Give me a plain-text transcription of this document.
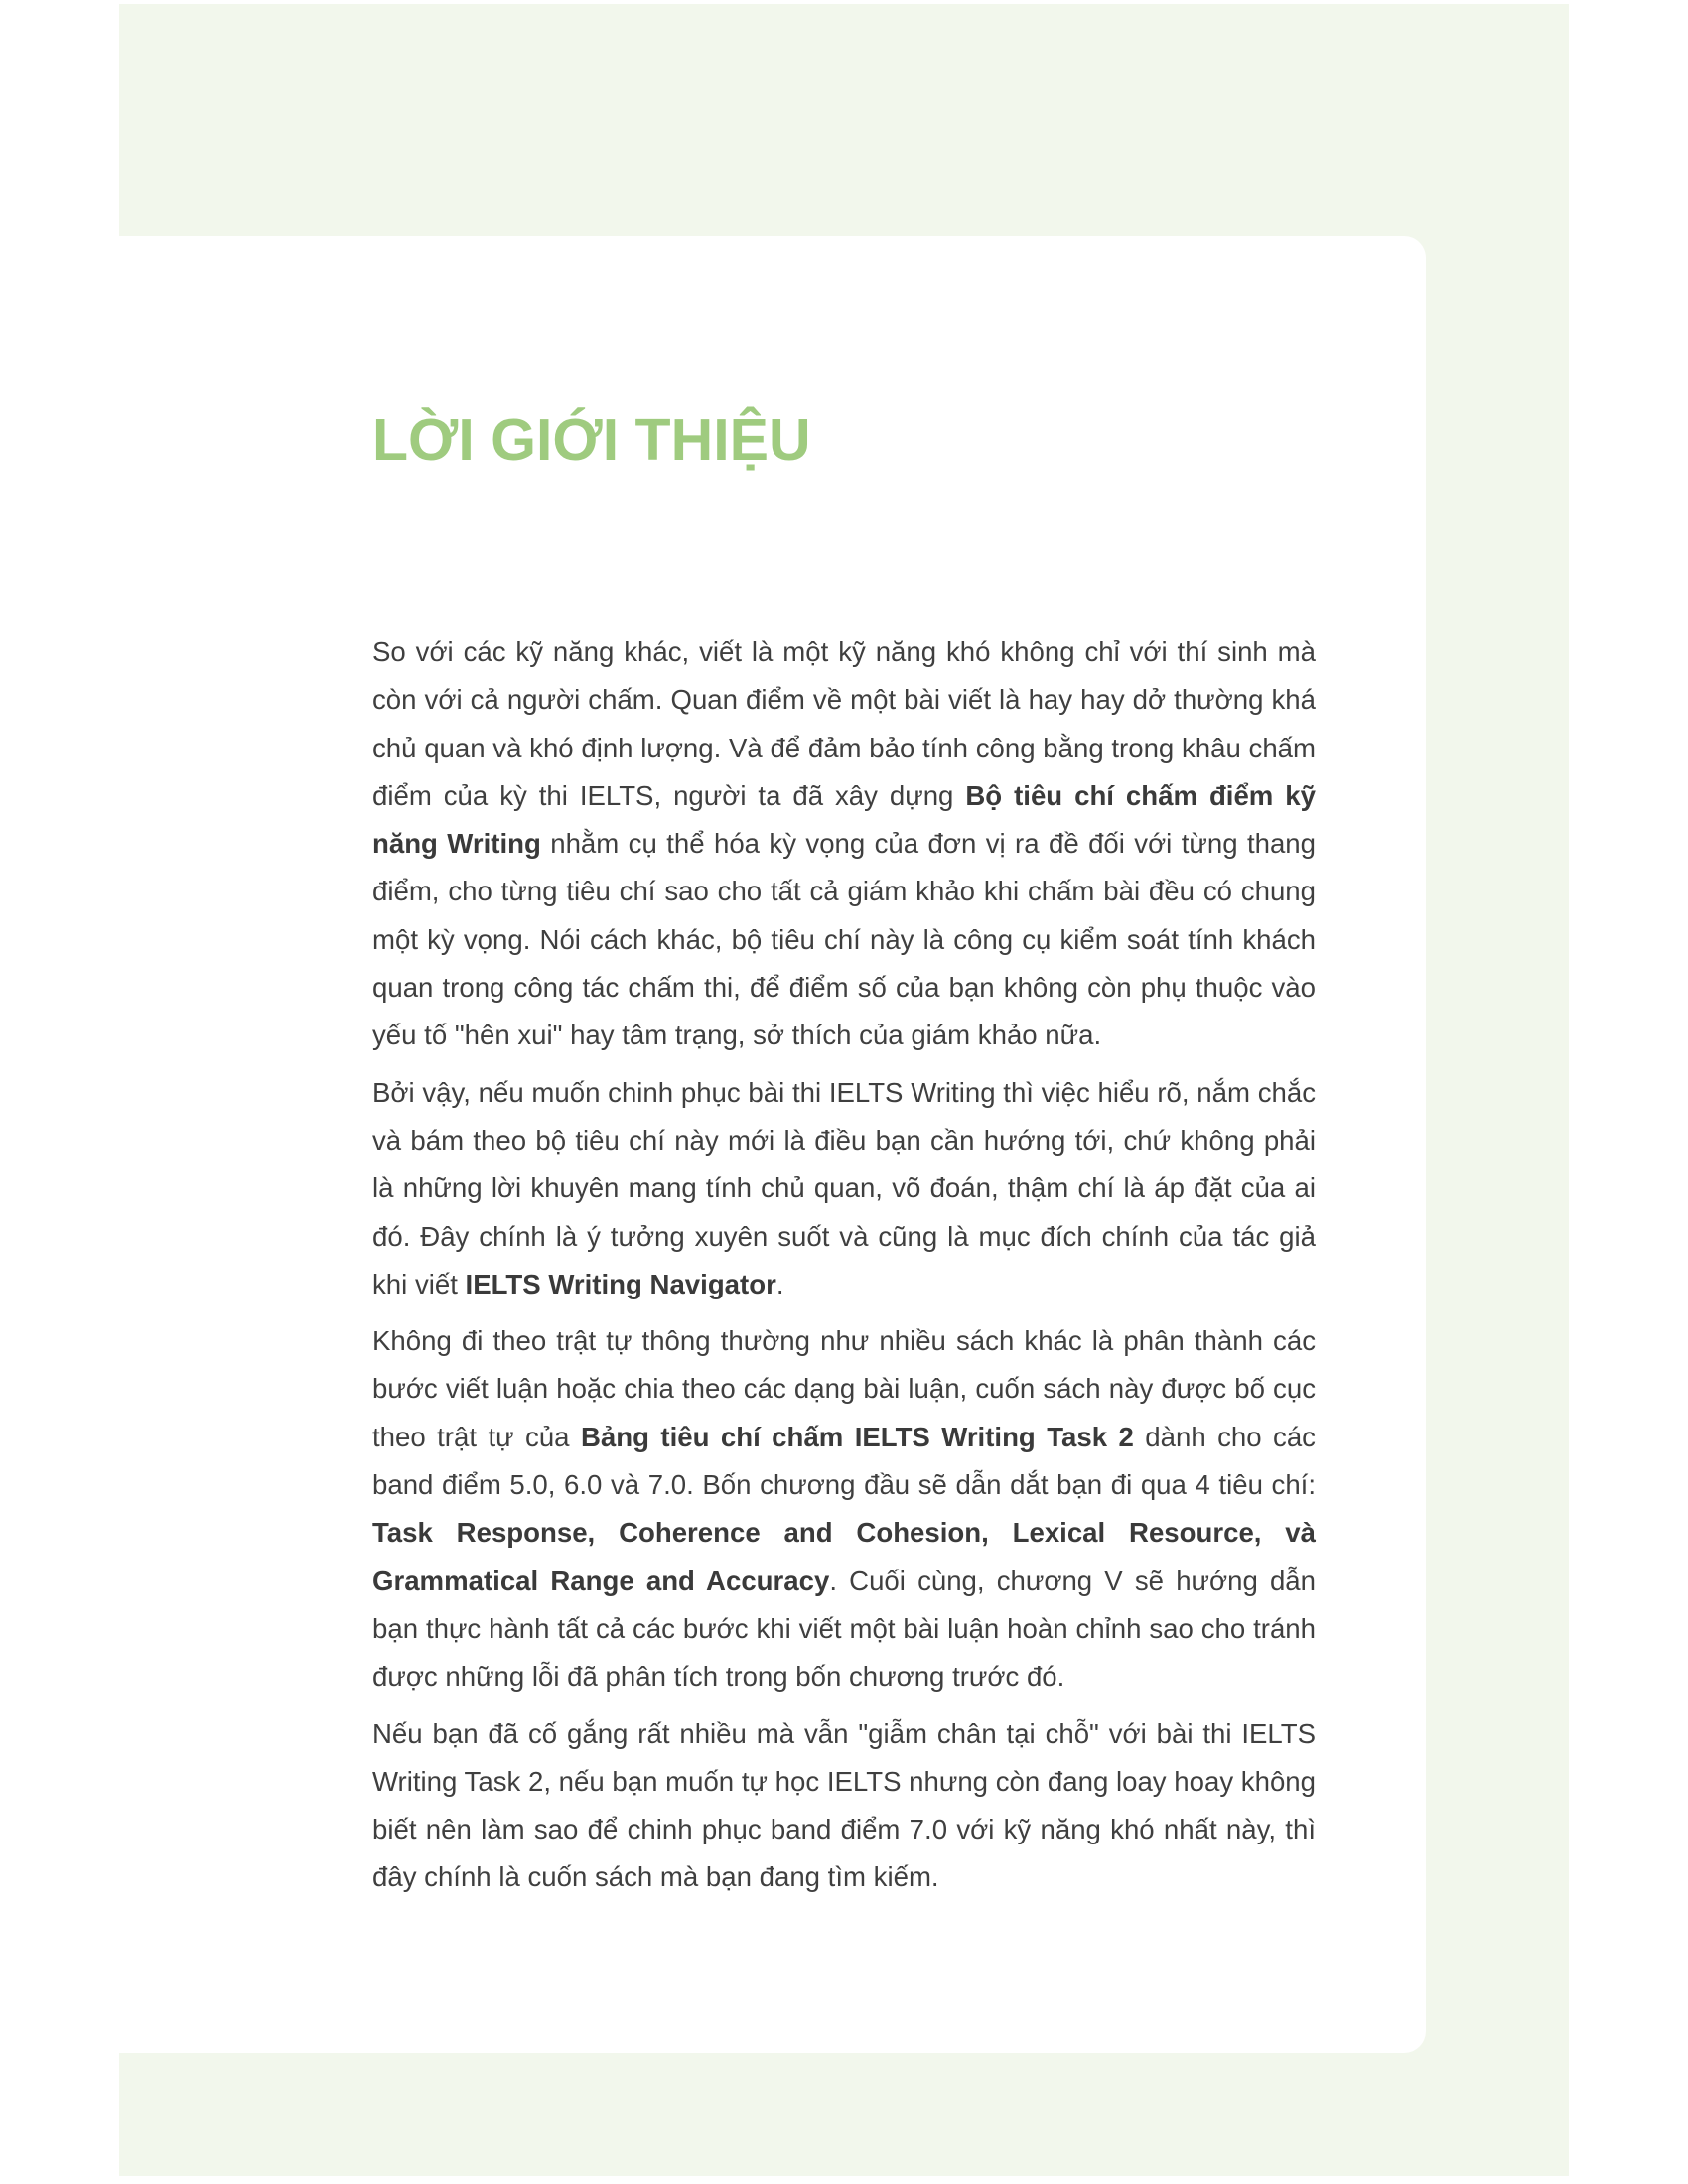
LỜI GIỚI THIỆU

So với các kỹ năng khác, viết là một kỹ năng khó không chỉ với thí sinh mà còn với cả người chấm. Quan điểm về một bài viết là hay hay dở thường khá chủ quan và khó định lượng. Và để đảm bảo tính công bằng trong khâu chấm điểm của kỳ thi IELTS, người ta đã xây dựng Bộ tiêu chí chấm điểm kỹ năng Writing nhằm cụ thể hóa kỳ vọng của đơn vị ra đề đối với từng thang điểm, cho từng tiêu chí sao cho tất cả giám khảo khi chấm bài đều có chung một kỳ vọng. Nói cách khác, bộ tiêu chí này là công cụ kiểm soát tính khách quan trong công tác chấm thi, để điểm số của bạn không còn phụ thuộc vào yếu tố "hên xui" hay tâm trạng, sở thích của giám khảo nữa.

Bởi vậy, nếu muốn chinh phục bài thi IELTS Writing thì việc hiểu rõ, nắm chắc và bám theo bộ tiêu chí này mới là điều bạn cần hướng tới, chứ không phải là những lời khuyên mang tính chủ quan, võ đoán, thậm chí là áp đặt của ai đó. Đây chính là ý tưởng xuyên suốt và cũng là mục đích chính của tác giả khi viết IELTS Writing Navigator.

Không đi theo trật tự thông thường như nhiều sách khác là phân thành các bước viết luận hoặc chia theo các dạng bài luận, cuốn sách này được bố cục theo trật tự của Bảng tiêu chí chấm IELTS Writing Task 2 dành cho các band điểm 5.0, 6.0 và 7.0. Bốn chương đầu sẽ dẫn dắt bạn đi qua 4 tiêu chí: Task Response, Coherence and Cohesion, Lexical Resource, và Grammatical Range and Accuracy. Cuối cùng, chương V sẽ hướng dẫn bạn thực hành tất cả các bước khi viết một bài luận hoàn chỉnh sao cho tránh được những lỗi đã phân tích trong bốn chương trước đó.

Nếu bạn đã cố gắng rất nhiều mà vẫn "giẫm chân tại chỗ" với bài thi IELTS Writing Task 2, nếu bạn muốn tự học IELTS nhưng còn đang loay hoay không biết nên làm sao để chinh phục band điểm 7.0 với kỹ năng khó nhất này, thì đây chính là cuốn sách mà bạn đang tìm kiếm.
